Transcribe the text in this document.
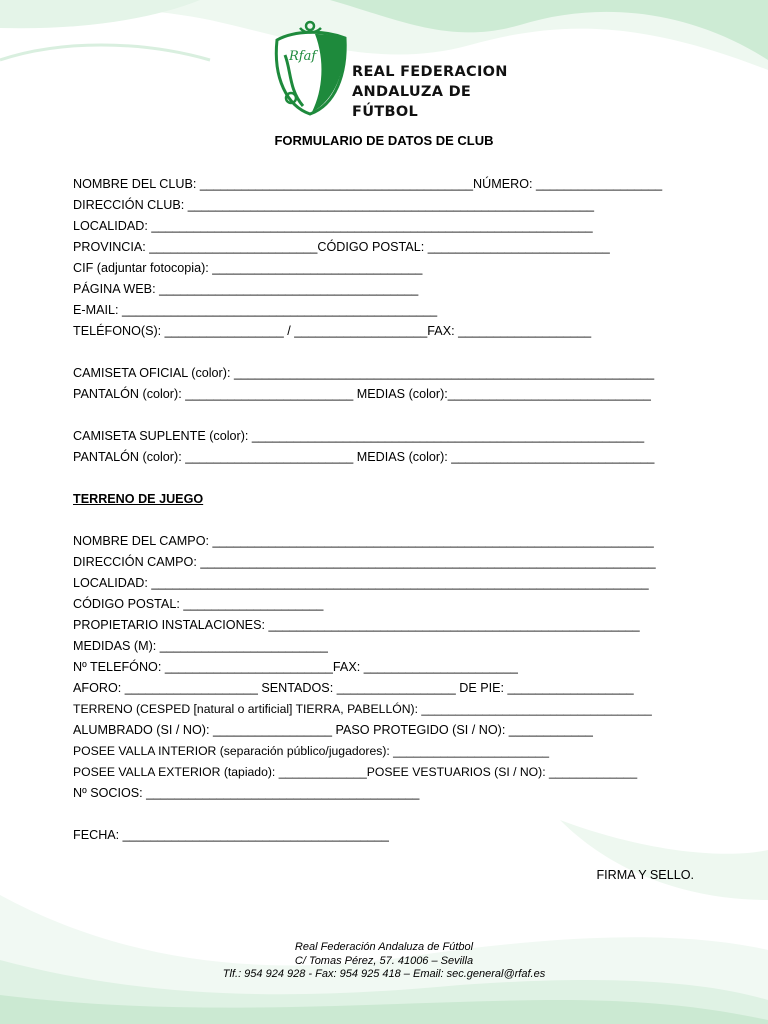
Rfaf
REAL FEDERACION
ANDALUZA DE
FÚTBOL
FORMULARIO DE DATOS DE CLUB
NOMBRE DEL CLUB: _______________________________________NÚMERO: __________________
DIRECCIÓN CLUB: __________________________________________________________
LOCALIDAD: _______________________________________________________________
PROVINCIA: ________________________CÓDIGO POSTAL: __________________________
CIF (adjuntar fotocopia): ______________________________
PÁGINA WEB: _____________________________________
E-MAIL: _____________________________________________
TELÉFONO(S): _________________ / ___________________FAX: ___________________
CAMISETA OFICIAL (color): ____________________________________________________________
PANTALÓN (color): ________________________ MEDIAS (color):_____________________________
CAMISETA SUPLENTE (color): ________________________________________________________
PANTALÓN (color): ________________________ MEDIAS (color): _____________________________
TERRENO DE JUEGO
NOMBRE DEL CAMPO: _______________________________________________________________
DIRECCIÓN CAMPO: _________________________________________________________________
LOCALIDAD: _______________________________________________________________________
CÓDIGO POSTAL: ____________________
PROPIETARIO INSTALACIONES: _____________________________________________________
MEDIDAS (M): ________________________
Nº TELEFÓNO: ________________________FAX: ______________________
AFORO: ___________________ SENTADOS: _________________ DE PIE: __________________
TERRENO (CESPED [natural o artificial] TIERRA, PABELLÓN): __________________________________
ALUMBRADO (SI / NO): _________________ PASO PROTEGIDO (SI / NO): ____________
POSEE VALLA INTERIOR (separación público/jugadores): _______________________
POSEE VALLA EXTERIOR (tapiado): _____________POSEE VESTUARIOS (SI / NO): _____________
Nº SOCIOS: _______________________________________
FECHA: ______________________________________
FIRMA Y SELLO.
Real Federación Andaluza de Fútbol
C/ Tomas Pérez, 57. 41006 – Sevilla
Tlf.: 954 924 928 - Fax: 954 925 418 – Email: sec.general@rfaf.es
